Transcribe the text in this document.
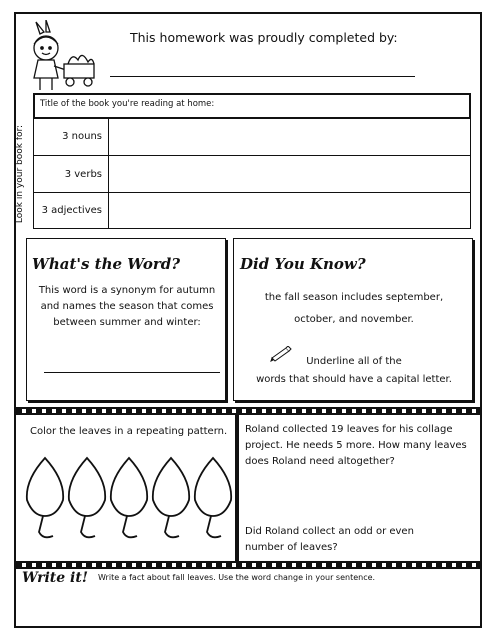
This homework was proudly completed by:
Title of the book you're reading at home:
Look in your book for:	3 nouns
3 verbs
3 adjectives
What's the Word?
This word is a synonym for autumn and names the season that comes between summer and winter:
Did You Know?
the fall season includes september,
october, and november.
Underline all of the
words that should have a capital letter.
Color the leaves in a repeating pattern.	Roland collected 19 leaves for his collage project. He needs 5 more. How many leaves does Roland need altogether?
Did Roland collect an odd or even number of leaves?
Write it! Write a fact about fall leaves. Use the word change in your sentence.
